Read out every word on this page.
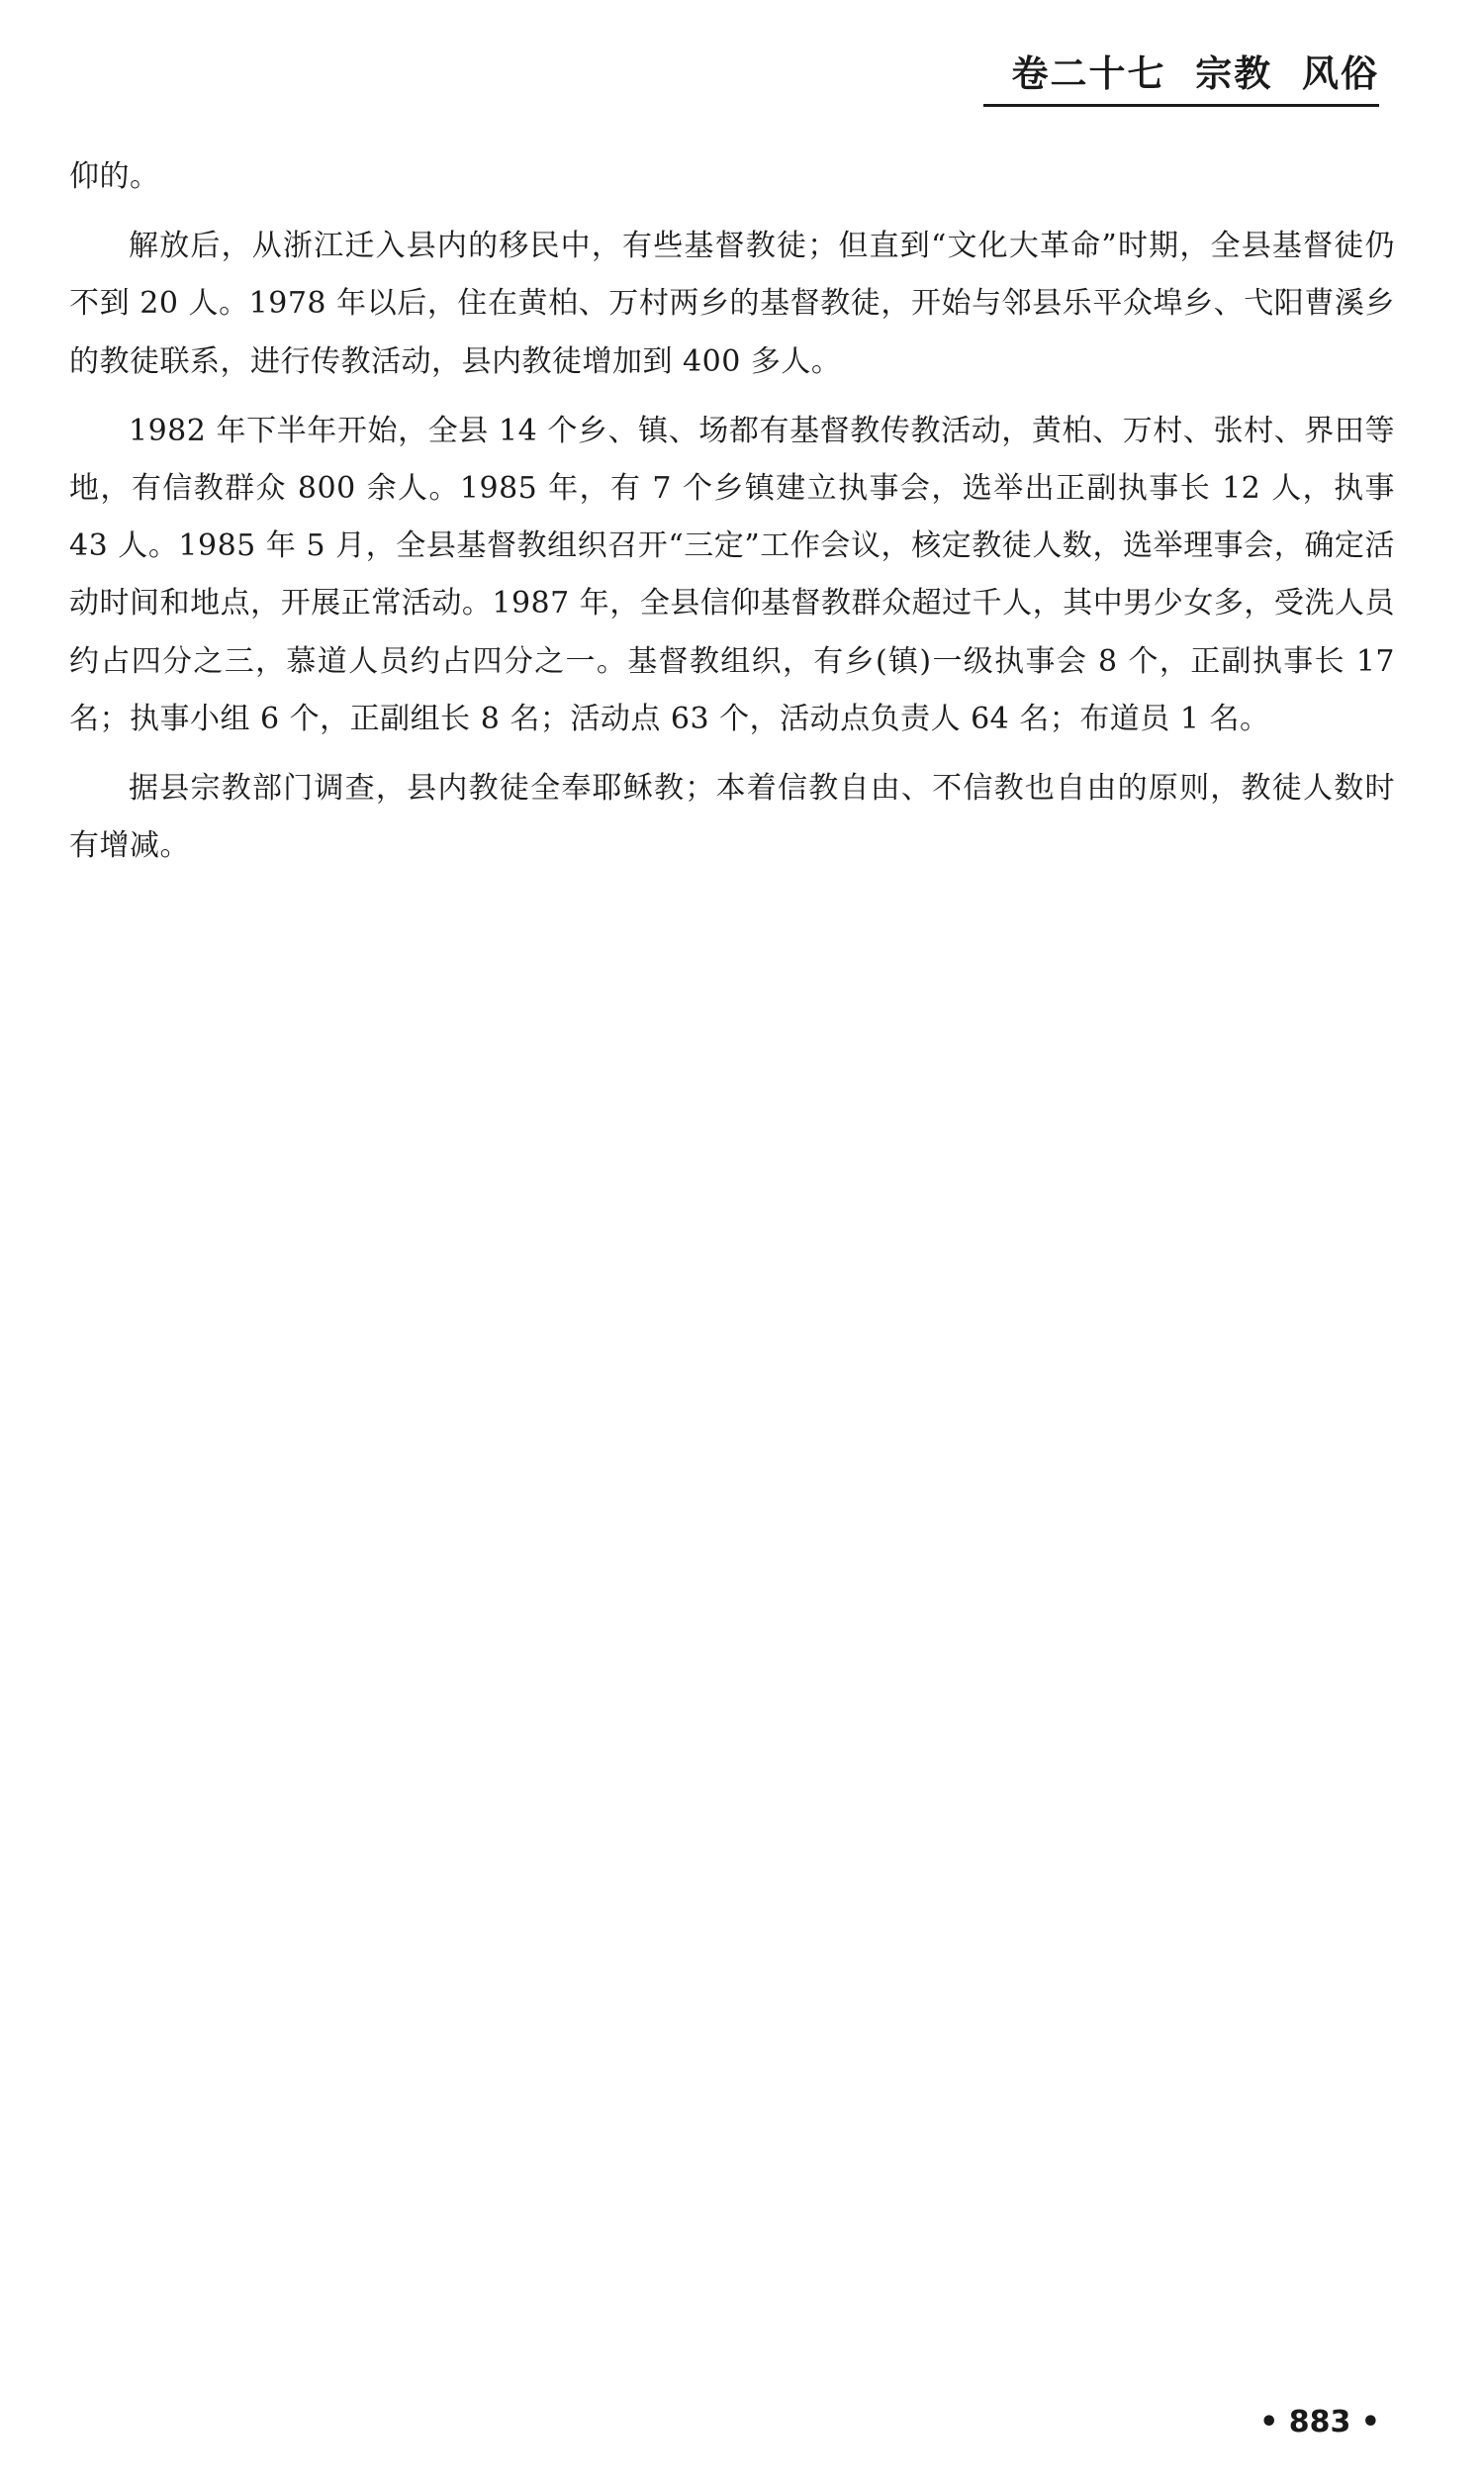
卷二十七  宗教  风俗

仰的。

解放后，从浙江迁入县内的移民中，有些基督教徒；但直到“文化大革命”时期，全县基督徒仍不到 20 人。1978 年以后，住在黄柏、万村两乡的基督教徒，开始与邻县乐平众埠乡、弋阳曹溪乡的教徒联系，进行传教活动，县内教徒增加到 400 多人。

1982 年下半年开始，全县 14 个乡、镇、场都有基督教传教活动，黄柏、万村、张村、界田等地，有信教群众 800 余人。1985 年，有 7 个乡镇建立执事会，选举出正副执事长 12 人，执事 43 人。1985 年 5 月，全县基督教组织召开“三定”工作会议，核定教徒人数，选举理事会，确定活动时间和地点，开展正常活动。1987 年，全县信仰基督教群众超过千人，其中男少女多，受洗人员约占四分之三，慕道人员约占四分之一。基督教组织，有乡(镇)一级执事会 8 个，正副执事长 17 名；执事小组 6 个，正副组长 8 名；活动点 63 个，活动点负责人 64 名；布道员 1 名。

据县宗教部门调查，县内教徒全奉耶稣教；本着信教自由、不信教也自由的原则，教徒人数时有增减。

• 883 •
